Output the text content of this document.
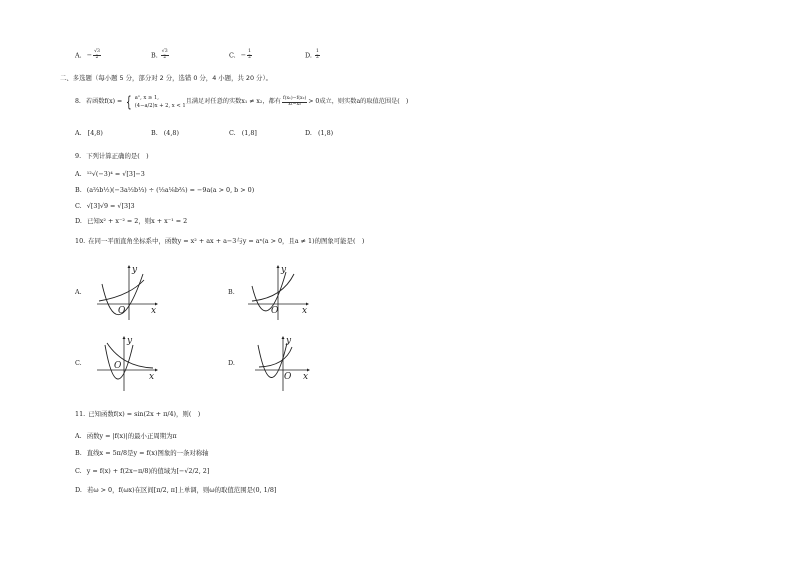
A. − $\frac{√3}{2}$	B. $\frac{√3}{2}$	C. − $\frac{1}{2}$	D. $\frac{1}{2}$
二、多选题（每小题 5 分，部分对 2 分，选错 0 分，4 小题，共 20 分）。
8. 若函数f(x) = { aˣ, x ≥ 1,
(4−a/2)x + 2, x < 1
且满足对任意的实数x₁ ≠ x₂，都有 $\frac{\text{f(x₁)−f(x₂)}}{\text{x₁−x₂}} > 0$成立，则实数a的取值范围是(　)
A. [4,8)	B. (4,8)	C. (1,8]	D. (1,8)
9. 下列计算正确的是(　)
A. ¹²√(−3)⁴ = √[3]−3
B. (a⅔b½)(−3a½b⅓) ÷ (⅓a⅙b⅖) = −9a(a > 0, b > 0)
C. √[3]√9 = √[3]3
D. 已知x² + x⁻² = 2，则x + x⁻¹ = 2
10. 在同一平面直角坐标系中，函数y = x² + ax + a−3与y = aˣ(a > 0，且a ≠ 1)的图象可能是(　)
A.
y
x
O
B.
y
x
O
C.
y
x
O	D.
y
x
O
11. 已知函数f(x) = sin(2x + π/4)，则(　)
A. 函数y = |f(x)|的最小正周期为π
B. 直线x = 5π/8是y = f(x)图象的一条对称轴
C. y = f(x) + f(2x−π/8)的值域为[−√2/2, 2]
D. 若ω > 0，f(ωx)在区间[π/2, π]上单调，则ω的取值范围是(0, 1/8]
